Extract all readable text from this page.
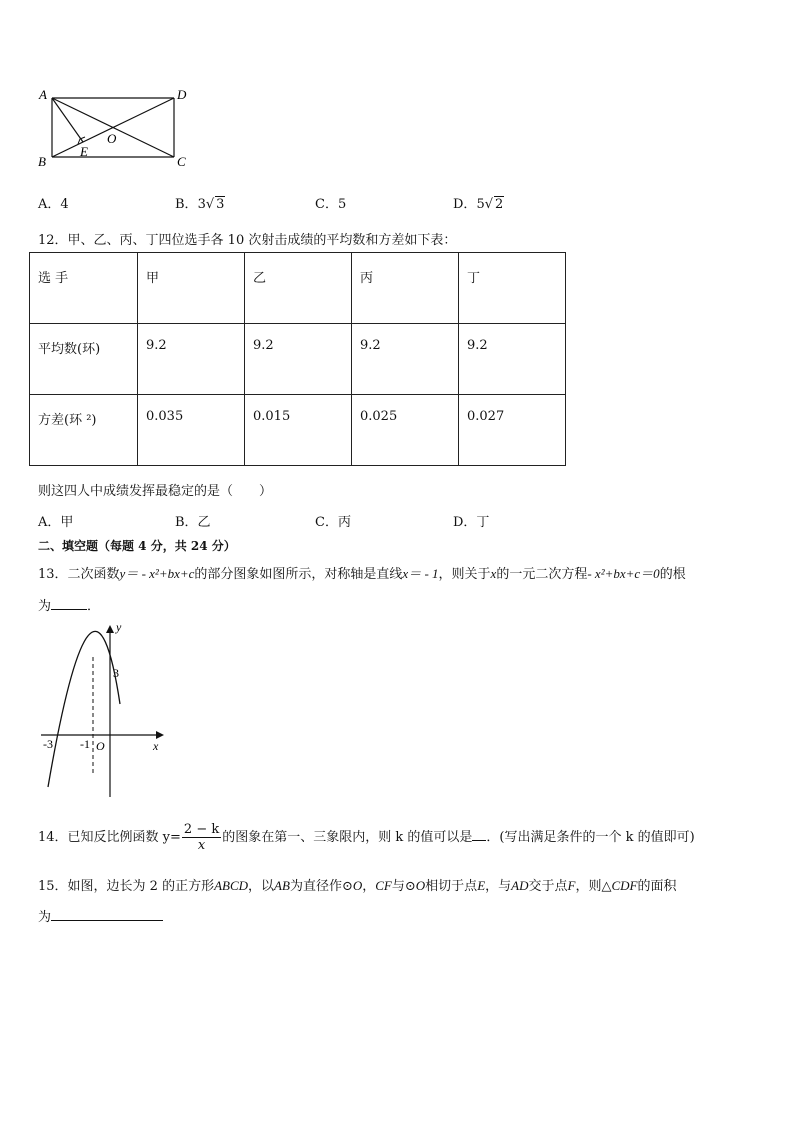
A	D
B	C
E
O
A．4	B．3√ 3	C．5	D．5√ 2
12．甲、乙、丙、丁四位选手各 10 次射击成绩的平均数和方差如下表：
选 手	甲	乙	丙	丁
平均数(环)	9.2	9.2	9.2	9.2
方差(环 ²)	0.035	0.015	0.025	0.027
则这四人中成绩发挥最稳定的是（　　）
A．甲	B．乙	C．丙	D．丁
二、填空题（每题 4 分，共 24 分）
13．二次函数y＝ - x²+bx+c的部分图象如图所示，对称轴是直线x＝ - 1，则关于x的一元二次方程- x²+bx+c＝0的根
为	．
y
x
3
-3 -1 O
14．已知反比例函数 $y= \frac{2 - k}{x}$ 的图象在第一、三象限内，则 k 的值可以是 ．(写出满足条件的一个 k 的值即可)
15．如图，边长为 2 的正方形ABCD，以AB为直径作⊙O，CF与⊙O相切于点E，与AD交于点F，则△CDF的面积
为
